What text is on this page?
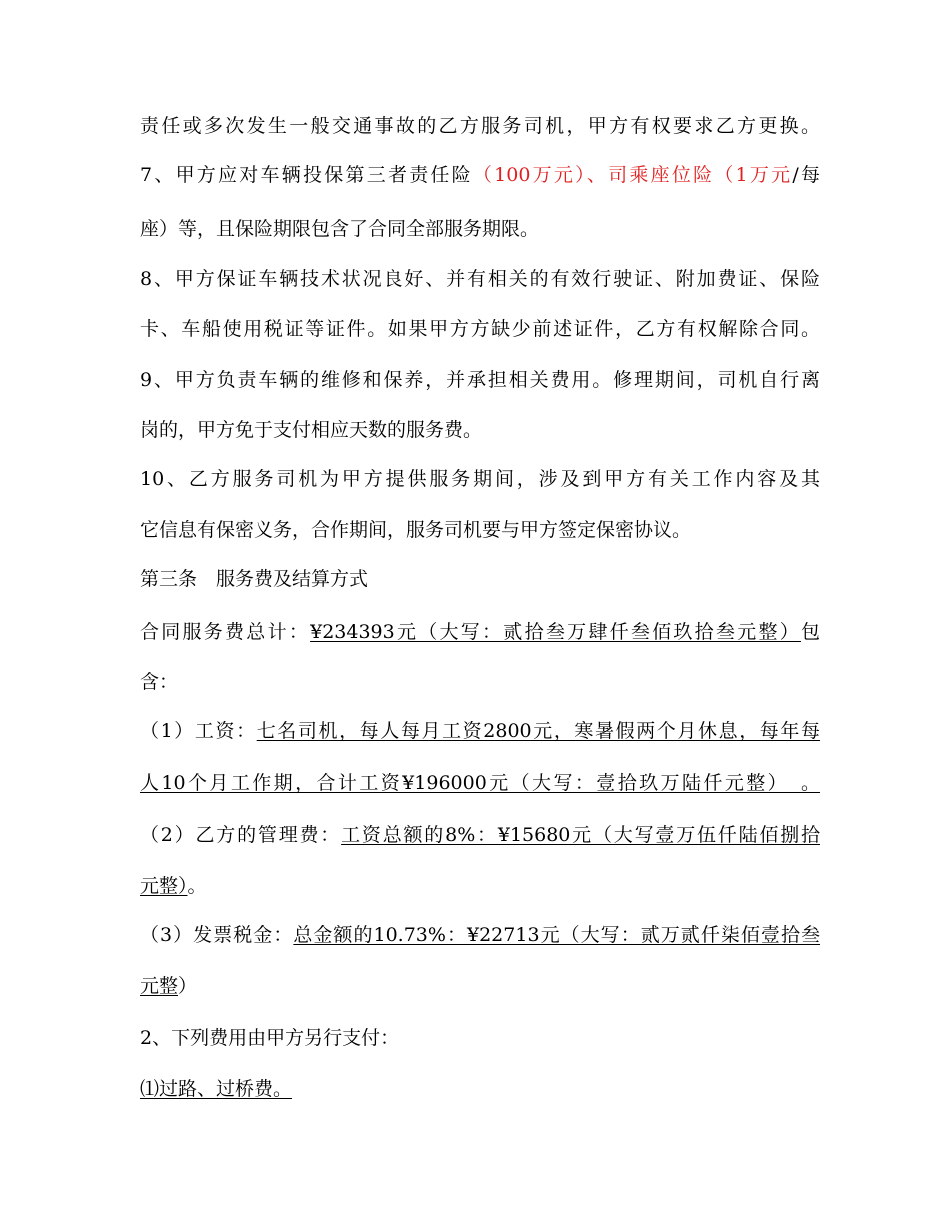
责任或多次发生一般交通事故的乙方服务司机，甲方有权要求乙方更换。
7、甲方应对车辆投保第三者责任险（100万元）、司乘座位险（1万元/每
座）等，且保险期限包含了合同全部服务期限。
8、甲方保证车辆技术状况良好、并有相关的有效行驶证、附加费证、保险
卡、车船使用税证等证件。如果甲方方缺少前述证件，乙方有权解除合同。
9、甲方负责车辆的维修和保养，并承担相关费用。修理期间，司机自行离
岗的，甲方免于支付相应天数的服务费。
10、乙方服务司机为甲方提供服务期间，涉及到甲方有关工作内容及其
它信息有保密义务，合作期间，服务司机要与甲方签定保密协议。
第三条　服务费及结算方式
合同服务费总计：¥234393元（大写：贰拾叁万肆仟叁佰玖拾叁元整）包
含：
（1）工资：七名司机，每人每月工资2800元，寒暑假两个月休息，每年每
人10个月工作期，合计工资¥196000元（大写：壹拾玖万陆仟元整）　。
（2）乙方的管理费：工资总额的8%：¥15680元（大写壹万伍仟陆佰捌拾
元整）。
（3）发票税金：总金额的10.73%：¥22713元（大写：贰万贰仟柒佰壹拾叁
元整）
2、下列费用由甲方另行支付：
⑴过路、过桥费。
